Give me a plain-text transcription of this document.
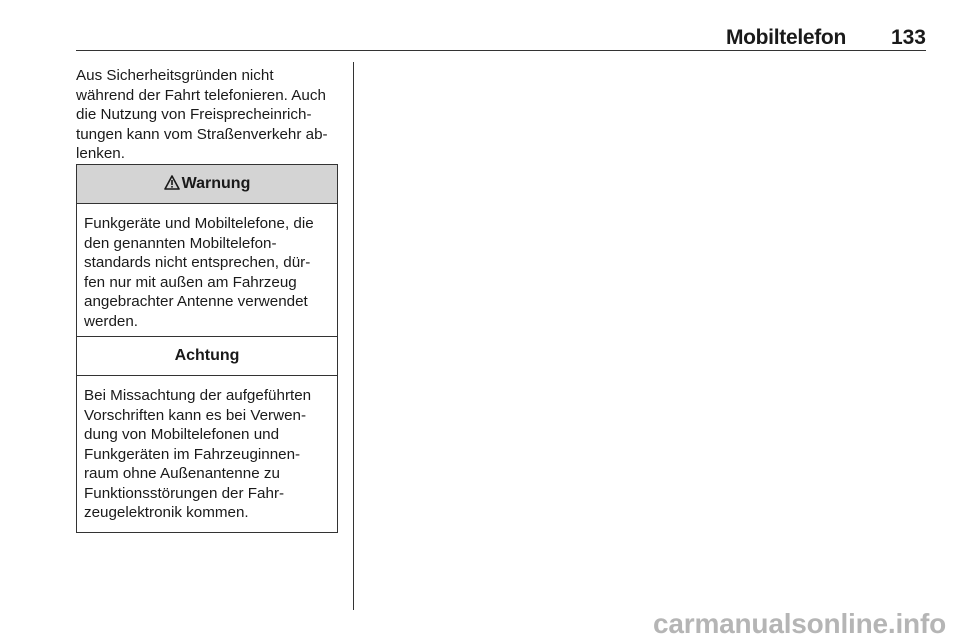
Mobiltelefon 133
Aus Sicherheitsgründen nicht
während der Fahrt telefonieren. Auch
die Nutzung von Freisprecheinrich-
tungen kann vom Straßenverkehr ab-
lenken.
Warnung
Funkgeräte und Mobiltelefone, die
den genannten Mobiltelefon-
standards nicht entsprechen, dür-
fen nur mit außen am Fahrzeug
angebrachter Antenne verwendet
werden.
Achtung
Bei Missachtung der aufgeführten
Vorschriften kann es bei Verwen-
dung von Mobiltelefonen und
Funkgeräten im Fahrzeuginnen-
raum ohne Außenantenne zu
Funktionsstörungen der Fahr-
zeugelektronik kommen.
carmanualsonline.info
